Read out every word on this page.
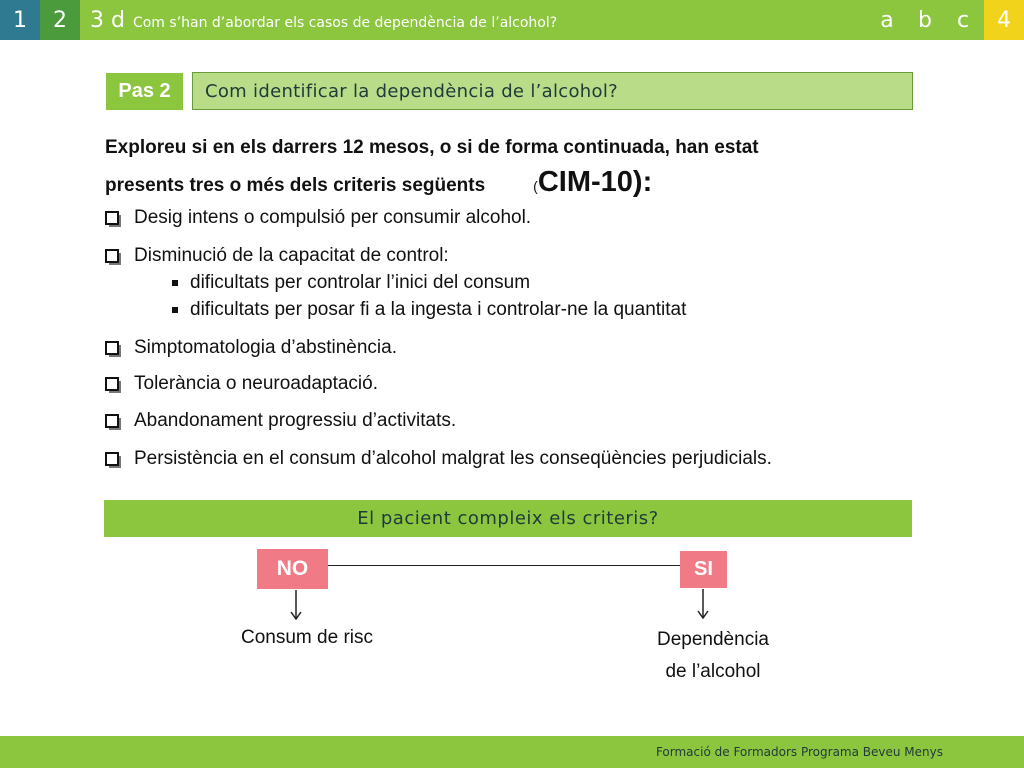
1	2	3 d Com s’han d’abordar els casos de dependència de l’alcohol?	a	b	c	4
Pas 2	Com identificar la dependència de l’alcohol?
Exploreu si en els darrers 12 mesos, o si de forma continuada, han estat
presents tres o més dels criteris següents	(CIM-10):
Desig intens o compulsió per consumir alcohol.
Disminució de la capacitat de control:
dificultats per controlar l’inici del consum
dificultats per posar fi a la ingesta i controlar-ne la quantitat
Simptomatologia d’abstinència.
Tolerància o neuroadaptació.
Abandonament progressiu d’activitats.
Persistència en el consum d’alcohol malgrat les conseqüències perjudicials.
El pacient compleix els criteris?
NO	SI
Consum de risc	Dependència
de l’alcohol
Formació de Formadors Programa Beveu Menys
